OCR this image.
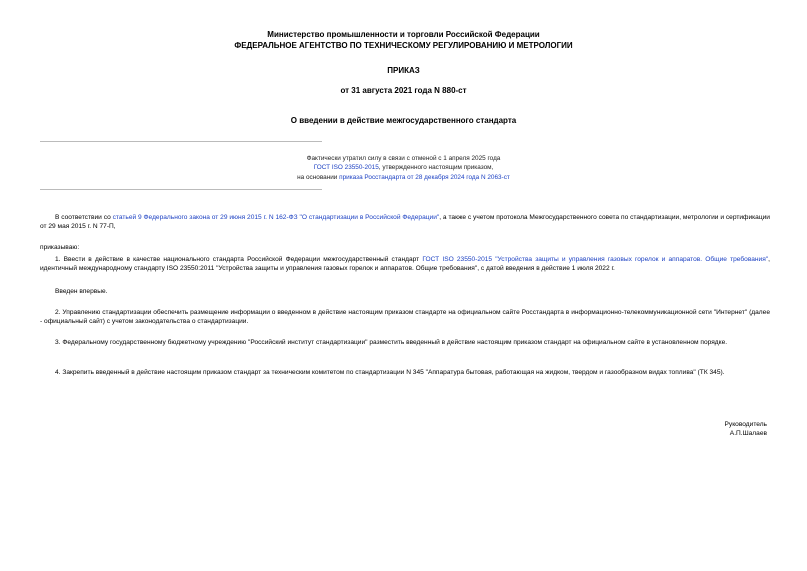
Министерство промышленности и торговли Российской Федерации
ФЕДЕРАЛЬНОЕ АГЕНТСТВО ПО ТЕХНИЧЕСКОМУ РЕГУЛИРОВАНИЮ И МЕТРОЛОГИИ
ПРИКАЗ
от 31 августа 2021 года N 880-ст
О введении в действие межгосударственного стандарта
Фактически утратил силу в связи с отменой с 1 апреля 2025 года
ГОСТ ISO 23550-2015, утвержденного настоящим приказом,
на основании приказа Росстандарта от 28 декабря 2024 года N 2063-ст
В соответствии со статьей 9 Федерального закона от 29 июня 2015 г. N 162-ФЗ "О стандартизации в Российской Федерации", а также с учетом протокола Межгосударственного совета по стандартизации, метрологии и сертификации от 29 мая 2015 г. N 77-П,
приказываю:
1. Ввести в действие в качестве национального стандарта Российской Федерации межгосударственный стандарт ГОСТ ISO 23550-2015 "Устройства защиты и управления газовых горелок и аппаратов. Общие требования", идентичный международному стандарту ISO 23550:2011 "Устройства защиты и управления газовых горелок и аппаратов. Общие требования", с датой введения в действие 1 июля 2022 г.
Введен впервые.
2. Управлению стандартизации обеспечить размещение информации о введенном в действие настоящим приказом стандарте на официальном сайте Росстандарта в информационно-телекоммуникационной сети "Интернет" (далее - официальный сайт) с учетом законодательства о стандартизации.
3. Федеральному государственному бюджетному учреждению "Российский институт стандартизации" разместить введенный в действие настоящим приказом стандарт на официальном сайте в установленном порядке.
4. Закрепить введенный в действие настоящим приказом стандарт за техническим комитетом по стандартизации N 345 "Аппаратура бытовая, работающая на жидком, твердом и газообразном видах топлива" (ТК 345).
Руководитель
А.П.Шалаев
